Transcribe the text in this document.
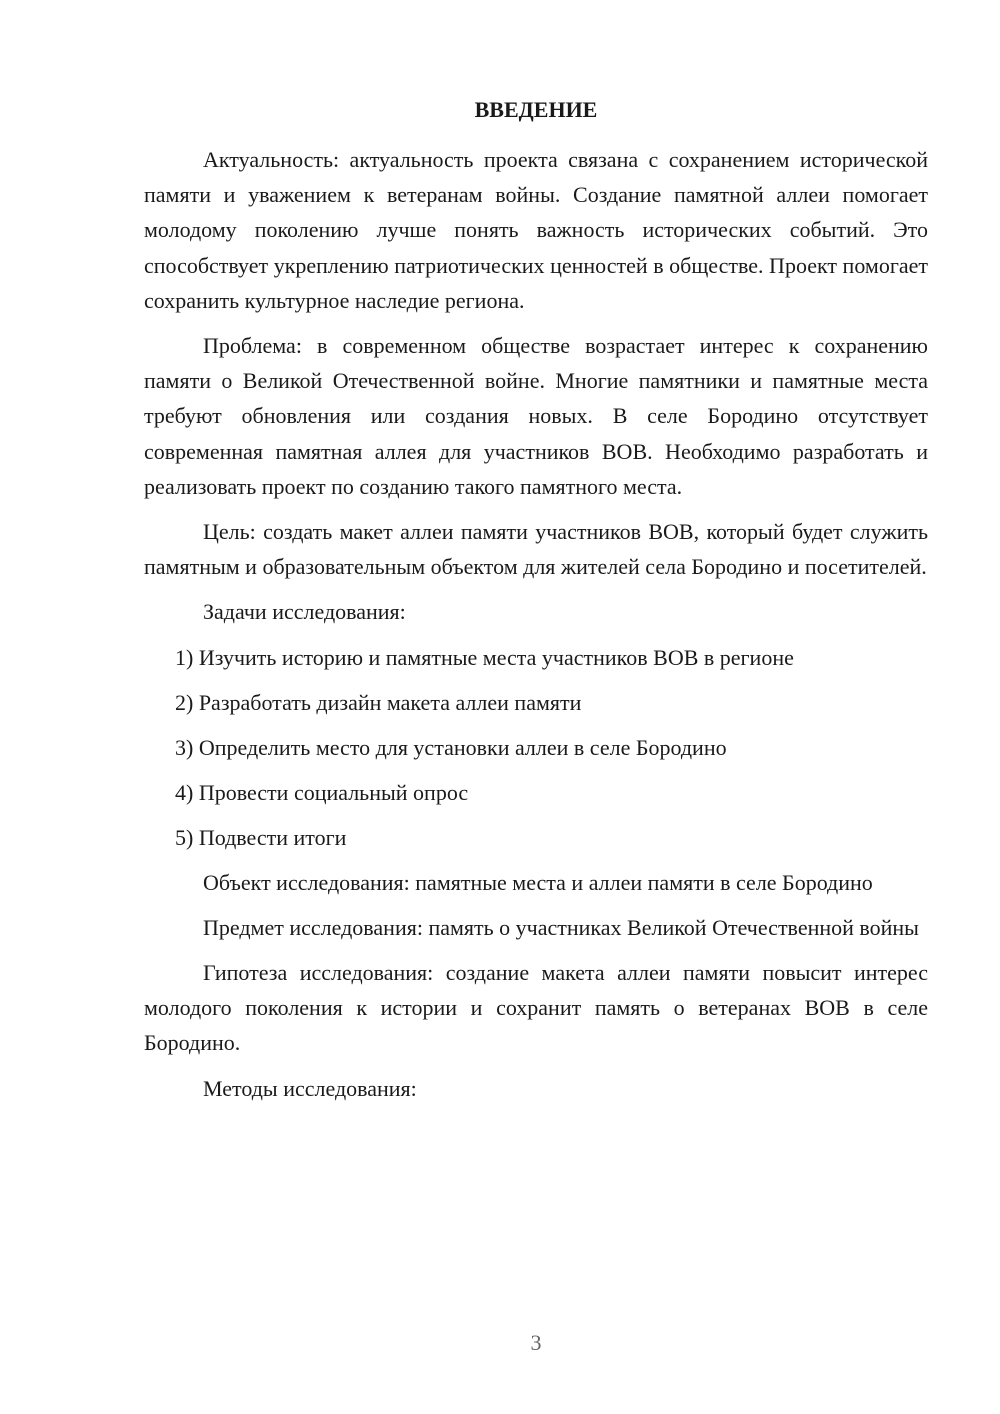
ВВЕДЕНИЕ

Актуальность: актуальность проекта связана с сохранением исторической памяти и уважением к ветеранам войны. Создание памятной аллеи помогает молодому поколению лучше понять важность исторических событий. Это способствует укреплению патриотических ценностей в обществе. Проект помогает сохранить культурное наследие региона.

Проблема: в современном обществе возрастает интерес к сохранению памяти о Великой Отечественной войне. Многие памятники и памятные места требуют обновления или создания новых. В селе Бородино отсутствует современная памятная аллея для участников ВОВ. Необходимо разработать и реализовать проект по созданию такого памятного места.

Цель: создать макет аллеи памяти участников ВОВ, который будет служить памятным и образовательным объектом для жителей села Бородино и посетителей.

Задачи исследования:

1) Изучить историю и памятные места участников ВОВ в регионе
2) Разработать дизайн макета аллеи памяти
3) Определить место для установки аллеи в селе Бородино
4) Провести социальный опрос
5) Подвести итоги

Объект исследования: памятные места и аллеи памяти в селе Бородино

Предмет исследования: память о участниках Великой Отечественной войны

Гипотеза исследования: создание макета аллеи памяти повысит интерес молодого поколения к истории и сохранит память о ветеранах ВОВ в селе Бородино.

Методы исследования:

3
